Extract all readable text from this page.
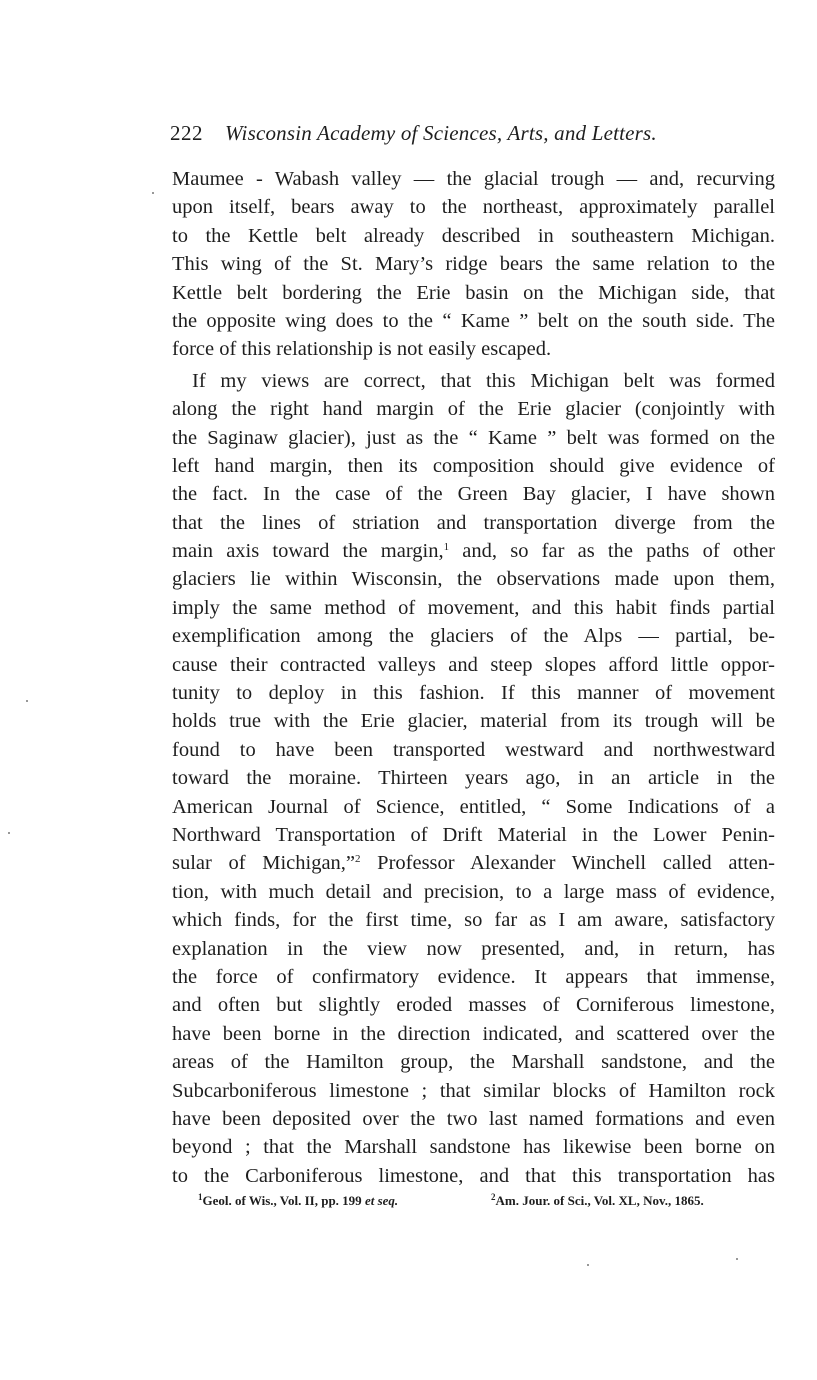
222 Wisconsin Academy of Sciences, Arts, and Letters.
Maumee - Wabash valley — the glacial trough — and, recurving
upon itself, bears away to the northeast, approximately parallel
to the Kettle belt already described in southeastern Michigan.
This wing of the St. Mary’s ridge bears the same relation to the
Kettle belt bordering the Erie basin on the Michigan side, that
the opposite wing does to the “ Kame ” belt on the south side. The
force of this relationship is not easily escaped.
If my views are correct, that this Michigan belt was formed
along the right hand margin of the Erie glacier (conjointly with
the Saginaw glacier), just as the “ Kame ” belt was formed on the
left hand margin, then its composition should give evidence of
the fact. In the case of the Green Bay glacier, I have shown
that the lines of striation and transportation diverge from the
main axis toward the margin,$^1$ and, so far as the paths of other
glaciers lie within Wisconsin, the observations made upon them,
imply the same method of movement, and this habit finds partial
exemplification among the glaciers of the Alps — partial, be-
cause their contracted valleys and steep slopes afford little oppor-
tunity to deploy in this fashion. If this manner of movement
holds true with the Erie glacier, material from its trough will be
found to have been transported westward and northwestward
toward the moraine. Thirteen years ago, in an article in the
American Journal of Science, entitled, “ Some Indications of a
Northward Transportation of Drift Material in the Lower Penin-
sular of Michigan,”$^2$ Professor Alexander Winchell called atten-
tion, with much detail and precision, to a large mass of evidence,
which finds, for the first time, so far as I am aware, satisfactory
explanation in the view now presented, and, in return, has
the force of confirmatory evidence. It appears that immense,
and often but slightly eroded masses of Corniferous limestone,
have been borne in the direction indicated, and scattered over the
areas of the Hamilton group, the Marshall sandstone, and the
Subcarboniferous limestone ; that similar blocks of Hamilton rock
have been deposited over the two last named formations and even
beyond ; that the Marshall sandstone has likewise been borne on
to the Carboniferous limestone, and that this transportation has
$^1$Geol. of Wis., Vol. II, pp. 199 et seq.	$^2$Am. Jour. of Sci., Vol. XL, Nov., 1865.
